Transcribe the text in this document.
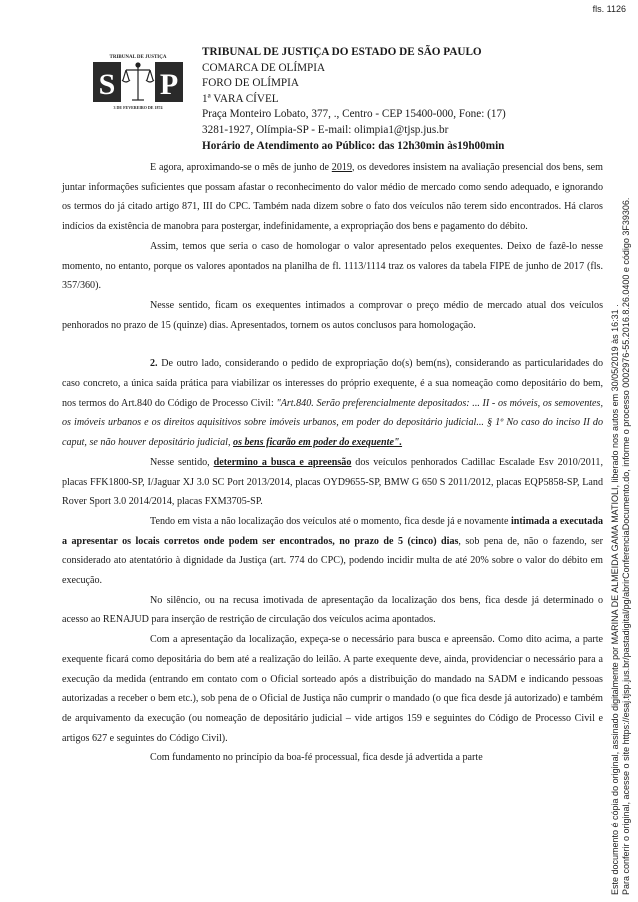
fls. 1126
TRIBUNAL DE JUSTIÇA
S P
3 DE FEVEREIRO DE 1874
TRIBUNAL DE JUSTIÇA DO ESTADO DE SÃO PAULO
COMARCA DE OLÍMPIA
FORO DE OLÍMPIA
1ª VARA CÍVEL
Praça Monteiro Lobato, 377, ., Centro - CEP 15400-000, Fone: (17)
3281-1927, Olímpia-SP - E-mail: olimpia1@tjsp.jus.br
Horário de Atendimento ao Público: das 12h30min às19h00min

E agora, aproximando-se o mês de junho de 2019, os devedores insistem na avaliação presencial dos bens, sem juntar informações suficientes que possam afastar o reconhecimento do valor médio de mercado como sendo adequado, e ignorando os termos do já citado artigo 871, III do CPC. Também nada dizem sobre o fato dos veículos não terem sido encontrados. Há claros indícios da existência de manobra para postergar, indefinidamente, a expropriação dos bens e pagamento do débito.

Assim, temos que seria o caso de homologar o valor apresentado pelos exequentes. Deixo de fazê-lo nesse momento, no entanto, porque os valores apontados na planilha de fl. 1113/1114 traz os valores da tabela FIPE de junho de 2017 (fls. 357/360).

Nesse sentido, ficam os exequentes intimados a comprovar o preço médio de mercado atual dos veículos penhorados no prazo de 15 (quinze) dias. Apresentados, tornem os autos conclusos para homologação.

2. De outro lado, considerando o pedido de expropriação do(s) bem(ns), considerando as particularidades do caso concreto, a única saída prática para viabilizar os interesses do próprio exequente, é a sua nomeação como depositário do bem, nos termos do Art.840 do Código de Processo Civil: "Art.840. Serão preferencialmente depositados: ... II - os móveis, os semoventes, os imóveis urbanos e os direitos aquisitivos sobre imóveis urbanos, em poder do depositário judicial... § 1º No caso do inciso II do caput, se não houver depositário judicial, os bens ficarão em poder do exequente".

Nesse sentido, determino a busca e apreensão dos veículos penhorados Cadillac Escalade Esv 2010/2011, placas FFK1800-SP, I/Jaguar XJ 3.0 SC Port 2013/2014, placas OYD9655-SP, BMW G 650 S 2011/2012, placas EQP5858-SP, Land Rover Sport 3.0 2014/2014, placas FXM3705-SP.

Tendo em vista a não localização dos veículos até o momento, fica desde já e novamente intimada a executada a apresentar os locais corretos onde podem ser encontrados, no prazo de 5 (cinco) dias, sob pena de, não o fazendo, ser considerado ato atentatório à dignidade da Justiça (art. 774 do CPC), podendo incidir multa de até 20% sobre o valor do débito em execução.

No silêncio, ou na recusa imotivada de apresentação da localização dos bens, fica desde já determinado o acesso ao RENAJUD para inserção de restrição de circulação dos veículos acima apontados.

Com a apresentação da localização, expeça-se o necessário para busca e apreensão. Como dito acima, a parte exequente ficará como depositária do bem até a realização do leilão. A parte exequente deve, ainda, providenciar o necessário para a execução da medida (entrando em contato com o Oficial sorteado após a distribuição do mandado na SADM e indicando pessoas autorizadas a receber o bem etc.), sob pena de o Oficial de Justiça não cumprir o mandado (o que fica desde já autorizado) e também de arquivamento da execução (ou nomeação de depositário judicial – vide artigos 159 e seguintes do Código de Processo Civil e artigos 627 e seguintes do Código Civil).

Com fundamento no princípio da boa-fé processual, fica desde já advertida a parte	Este documento é cópia do original, assinado digitalmente por MARINA DE ALMEIDA GAMA MATIOLI, liberado nos autos em 30/05/2019 às 16:31 . Para conferir o original, acesse o site https://esaj.tjsp.jus.br/pastadigital/pg/abrirConferenciaDocumento.do, informe o processo 0002976-55.2016.8.26.0400 e código 3F39306.
